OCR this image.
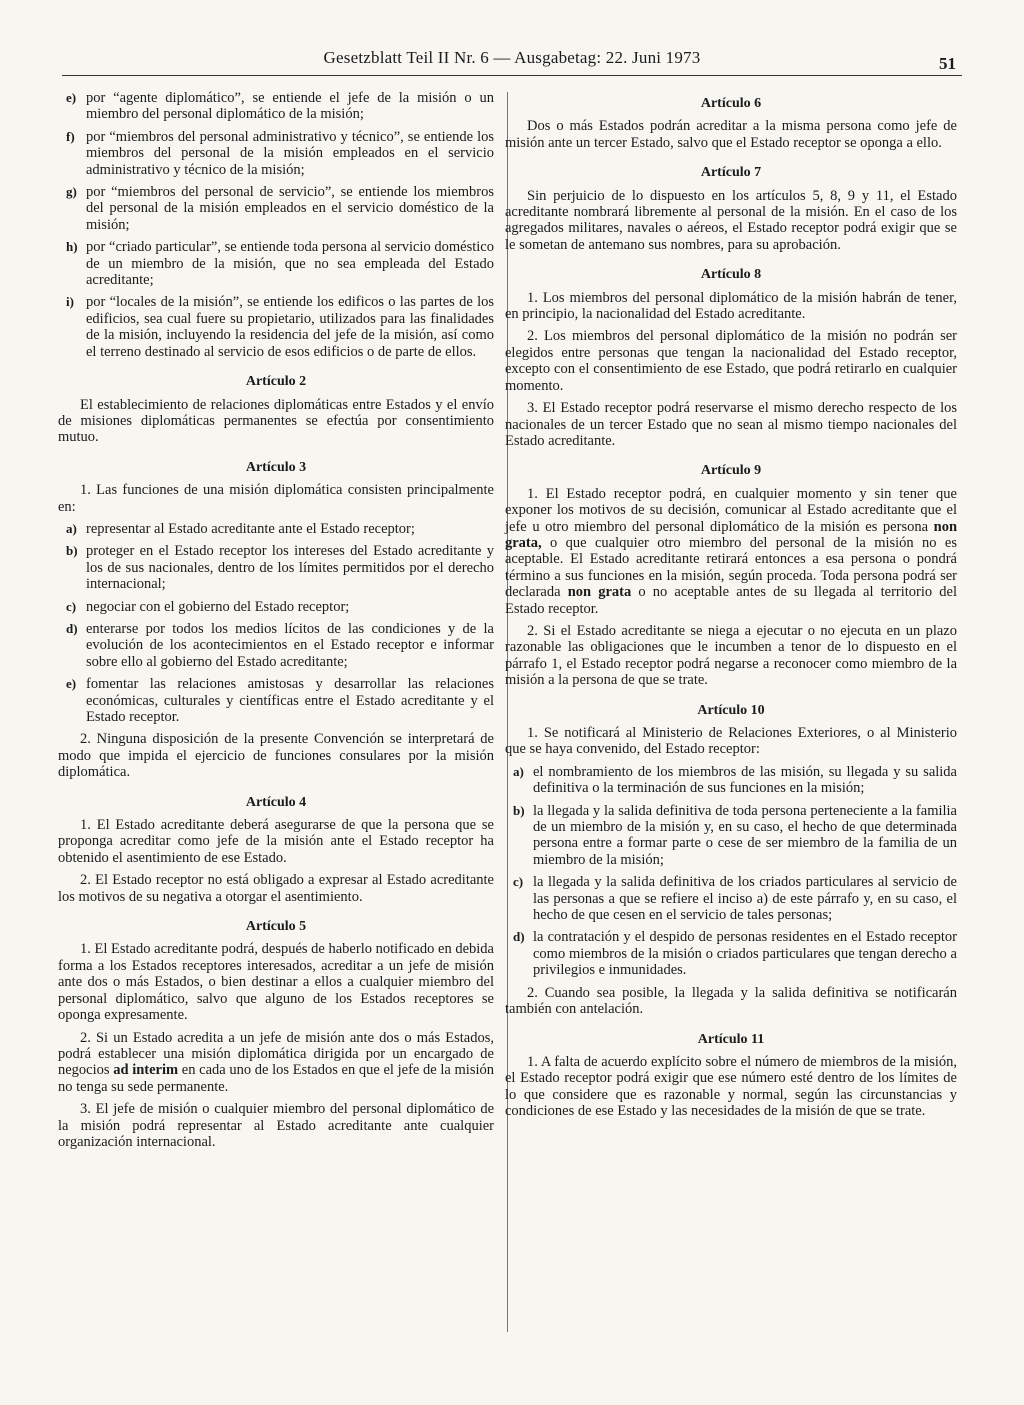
Gesetzblatt Teil II Nr. 6 — Ausgabetag: 22. Juni 1973	51
e) por “agente diplomático”, se entiende el jefe de la misión o un miembro del personal diplomático de la misión;
f) por “miembros del personal administrativo y técnico”, se entiende los miembros del personal de la misión empleados en el servicio administrativo y técnico de la misión;
g) por “miembros del personal de servicio”, se entiende los miembros del personal de la misión empleados en el servicio doméstico de la misión;
h) por “criado particular”, se entiende toda persona al servicio doméstico de un miembro de la misión, que no sea empleada del Estado acreditante;
i) por “locales de la misión”, se entiende los edificos o las partes de los edificios, sea cual fuere su propietario, utilizados para las finalidades de la misión, incluyendo la residencia del jefe de la misión, así como el terreno destinado al servicio de esos edificios o de parte de ellos.
Artículo 2
El establecimiento de relaciones diplomáticas entre Estados y el envío de misiones diplomáticas permanentes se efectúa por consentimiento mutuo.
Artículo 3
1. Las funciones de una misión diplomática consisten principalmente en:
a) representar al Estado acreditante ante el Estado receptor;
b) proteger en el Estado receptor los intereses del Estado acreditante y los de sus nacionales, dentro de los límites permitidos por el derecho internacional;
c) negociar con el gobierno del Estado receptor;
d) enterarse por todos los medios lícitos de las condiciones y de la evolución de los acontecimientos en el Estado receptor e informar sobre ello al gobierno del Estado acreditante;
e) fomentar las relaciones amistosas y desarrollar las relaciones económicas, culturales y científicas entre el Estado acreditante y el Estado receptor.
2. Ninguna disposición de la presente Convención se interpretará de modo que impida el ejercicio de funciones consulares por la misión diplomática.
Artículo 4
1. El Estado acreditante deberá asegurarse de que la persona que se proponga acreditar como jefe de la misión ante el Estado receptor ha obtenido el asentimiento de ese Estado.
2. El Estado receptor no está obligado a expresar al Estado acreditante los motivos de su negativa a otorgar el asentimiento.
Artículo 5
1. El Estado acreditante podrá, después de haberlo notificado en debida forma a los Estados receptores interesados, acreditar a un jefe de misión ante dos o más Estados, o bien destinar a ellos a cualquier miembro del personal diplomático, salvo que alguno de los Estados receptores se oponga expresamente.
2. Si un Estado acredita a un jefe de misión ante dos o más Estados, podrá establecer una misión diplomática dirigida por un encargado de negocios ad interim en cada uno de los Estados en que el jefe de la misión no tenga su sede permanente.
3. El jefe de misión o cualquier miembro del personal diplomático de la misión podrá representar al Estado acreditante ante cualquier organización internacional.
Artículo 6
Dos o más Estados podrán acreditar a la misma persona como jefe de misión ante un tercer Estado, salvo que el Estado receptor se oponga a ello.
Artículo 7
Sin perjuicio de lo dispuesto en los artículos 5, 8, 9 y 11, el Estado acreditante nombrará libremente al personal de la misión. En el caso de los agregados militares, navales o aéreos, el Estado receptor podrá exigir que se le sometan de antemano sus nombres, para su aprobación.
Artículo 8
1. Los miembros del personal diplomático de la misión habrán de tener, en principio, la nacionalidad del Estado acreditante.
2. Los miembros del personal diplomático de la misión no podrán ser elegidos entre personas que tengan la nacionalidad del Estado receptor, excepto con el consentimiento de ese Estado, que podrá retirarlo en cualquier momento.
3. El Estado receptor podrá reservarse el mismo derecho respecto de los nacionales de un tercer Estado que no sean al mismo tiempo nacionales del Estado acreditante.
Artículo 9
1. El Estado receptor podrá, en cualquier momento y sin tener que exponer los motivos de su decisión, comunicar al Estado acreditante que el jefe u otro miembro del personal diplomático de la misión es persona non grata, o que cualquier otro miembro del personal de la misión no es aceptable. El Estado acreditante retirará entonces a esa persona o pondrá término a sus funciones en la misión, según proceda. Toda persona podrá ser declarada non grata o no aceptable antes de su llegada al territorio del Estado receptor.
2. Si el Estado acreditante se niega a ejecutar o no ejecuta en un plazo razonable las obligaciones que le incumben a tenor de lo dispuesto en el párrafo 1, el Estado receptor podrá negarse a reconocer como miembro de la misión a la persona de que se trate.
Artículo 10
1. Se notificará al Ministerio de Relaciones Exteriores, o al Ministerio que se haya convenido, del Estado receptor:
a) el nombramiento de los miembros de las misión, su llegada y su salida definitiva o la terminación de sus funciones en la misión;
b) la llegada y la salida definitiva de toda persona perteneciente a la familia de un miembro de la misión y, en su caso, el hecho de que determinada persona entre a formar parte o cese de ser miembro de la familia de un miembro de la misión;
c) la llegada y la salida definitiva de los criados particulares al servicio de las personas a que se refiere el inciso a) de este párrafo y, en su caso, el hecho de que cesen en el servicio de tales personas;
d) la contratación y el despido de personas residentes en el Estado receptor como miembros de la misión o criados particulares que tengan derecho a privilegios e inmunidades.
2. Cuando sea posible, la llegada y la salida definitiva se notificarán también con antelación.
Artículo 11
1. A falta de acuerdo explícito sobre el número de miembros de la misión, el Estado receptor podrá exigir que ese número esté dentro de los límites de lo que considere que es razonable y normal, según las circunstancias y condiciones de ese Estado y las necesidades de la misión de que se trate.
